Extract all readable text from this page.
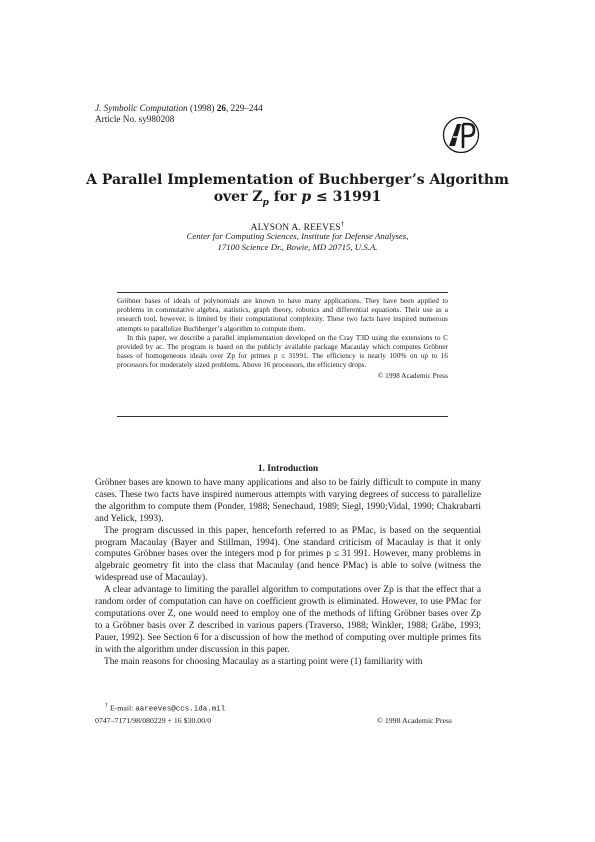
J. Symbolic Computation (1998) 26, 229–244
Article No. sy980208
A Parallel Implementation of Buchberger’s Algorithm
over $Z_p$ for p ≤ 31991
ALYSON A. REEVES†
Center for Computing Sciences, Institute for Defense Analyses,
17100 Science Dr., Bowie, MD 20715, U.S.A.

Gröbner bases of ideals of polynomials are known to have many applications. They have been applied to problems in commutative algebra, statistics, graph theory, robotics and differential equations. Their use as a research tool, however, is limited by their computational complexity. These two facts have inspired numerous attempts to parallelize Buchberger’s algorithm to compute them.

In this paper, we describe a parallel implementation developed on the Cray T3D using the extensions to C provided by ac. The program is based on the publicly available package Macaulay which computes Gröbner bases of homogeneous ideals over Zp for primes p ≤ 31991. The efficiency is nearly 100% on up to 16 processors for moderately sized problems. Above 16 processors, the efficiency drops.

© 1998 Academic Press

1. Introduction

Gröbner bases are known to have many applications and also to be fairly difficult to compute in many cases. These two facts have inspired numerous attempts with varying degrees of success to parallelize the algorithm to compute them (Ponder, 1988; Senechaud, 1989; Siegl, 1990;Vidal, 1990; Chakrabarti and Yelick, 1993).

The program discussed in this paper, henceforth referred to as PMac, is based on the sequential program Macaulay (Bayer and Stillman, 1994). One standard criticism of Macaulay is that it only computes Gröbner bases over the integers mod p for primes p ≤ 31 991. However, many problems in algebraic geometry fit into the class that Macaulay (and hence PMac) is able to solve (witness the widespread use of Macaulay).

A clear advantage to limiting the parallel algorithm to computations over Zp is that the effect that a random order of computation can have on coefficient growth is eliminated. However, to use PMac for computations over Z, one would need to employ one of the methods of lifting Gröbner bases over Zp to a Gröbner basis over Z described in various papers (Traverso, 1988; Winkler, 1988; Gräbe, 1993; Pauer, 1992). See Section 6 for a discussion of how the method of computing over multiple primes fits in with the algorithm under discussion in this paper.

The main reasons for choosing Macaulay as a starting point were (1) familiarity with

† E-mail: aareeves@ccs.ida.mil
0747–7171/98/080229 + 16 $30.00/0	© 1998 Academic Press
